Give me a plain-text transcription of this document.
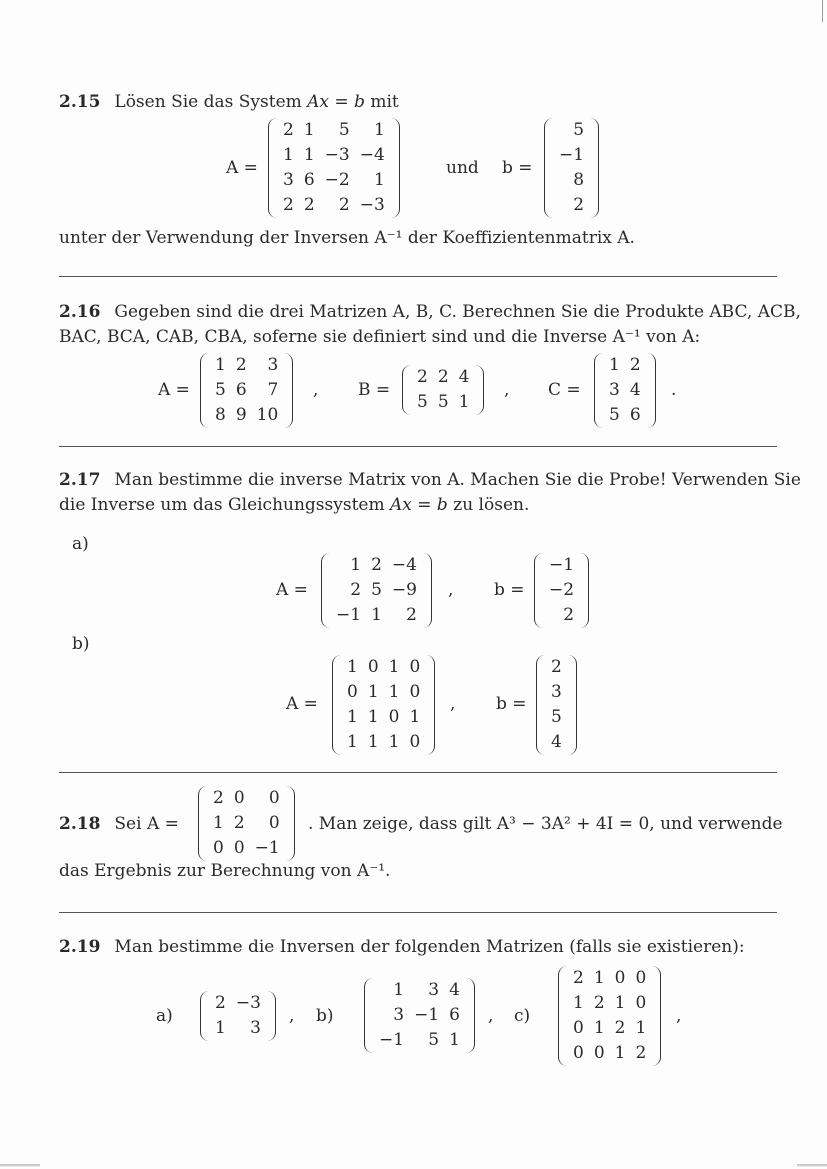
2.15 Lösen Sie das System Ax = b mit
A =
2	1	5	1
1	1	−3	−4
3	6	−2	1
2	2	2	−3
und b =
5
−1
8
2
unter der Verwendung der Inversen A⁻¹ der Koeffizientenmatrix A.
2.16 Gegeben sind die drei Matrizen A, B, C. Berechnen Sie die Produkte ABC, ACB,
BAC, BCA, CAB, CBA, soferne sie definiert sind und die Inverse A⁻¹ von A:
A =
1	2	3
5	6	7
8	9	10
, B =
2	2	4
5	5	1
, C =
1	2
3	4
5	6
.
2.17 Man bestimme die inverse Matrix von A. Machen Sie die Probe! Verwenden Sie
die Inverse um das Gleichungssystem Ax = b zu lösen.
a)
A =
1	2	−4
2	5	−9
−1	1	2
, b =
−1
−2
2
b)
A =
1	0	1	0
0	1	1	0
1	1	0	1
1	1	1	0
, b =
2
3
5
4
2.18 Sei A =
2	0	0
1	2	0
0	0	−1
. Man zeige, dass gilt A³ − 3A² + 4I = 0, und verwende
das Ergebnis zur Berechnung von A⁻¹.
2.19 Man bestimme die Inversen der folgenden Matrizen (falls sie existieren):
a)
2	−3
1	3
, b)
1	3	4
3	−1	6
−1	5	1
, c)
2	1	0	0
1	2	1	0
0	1	2	1
0	0	1	2
,
